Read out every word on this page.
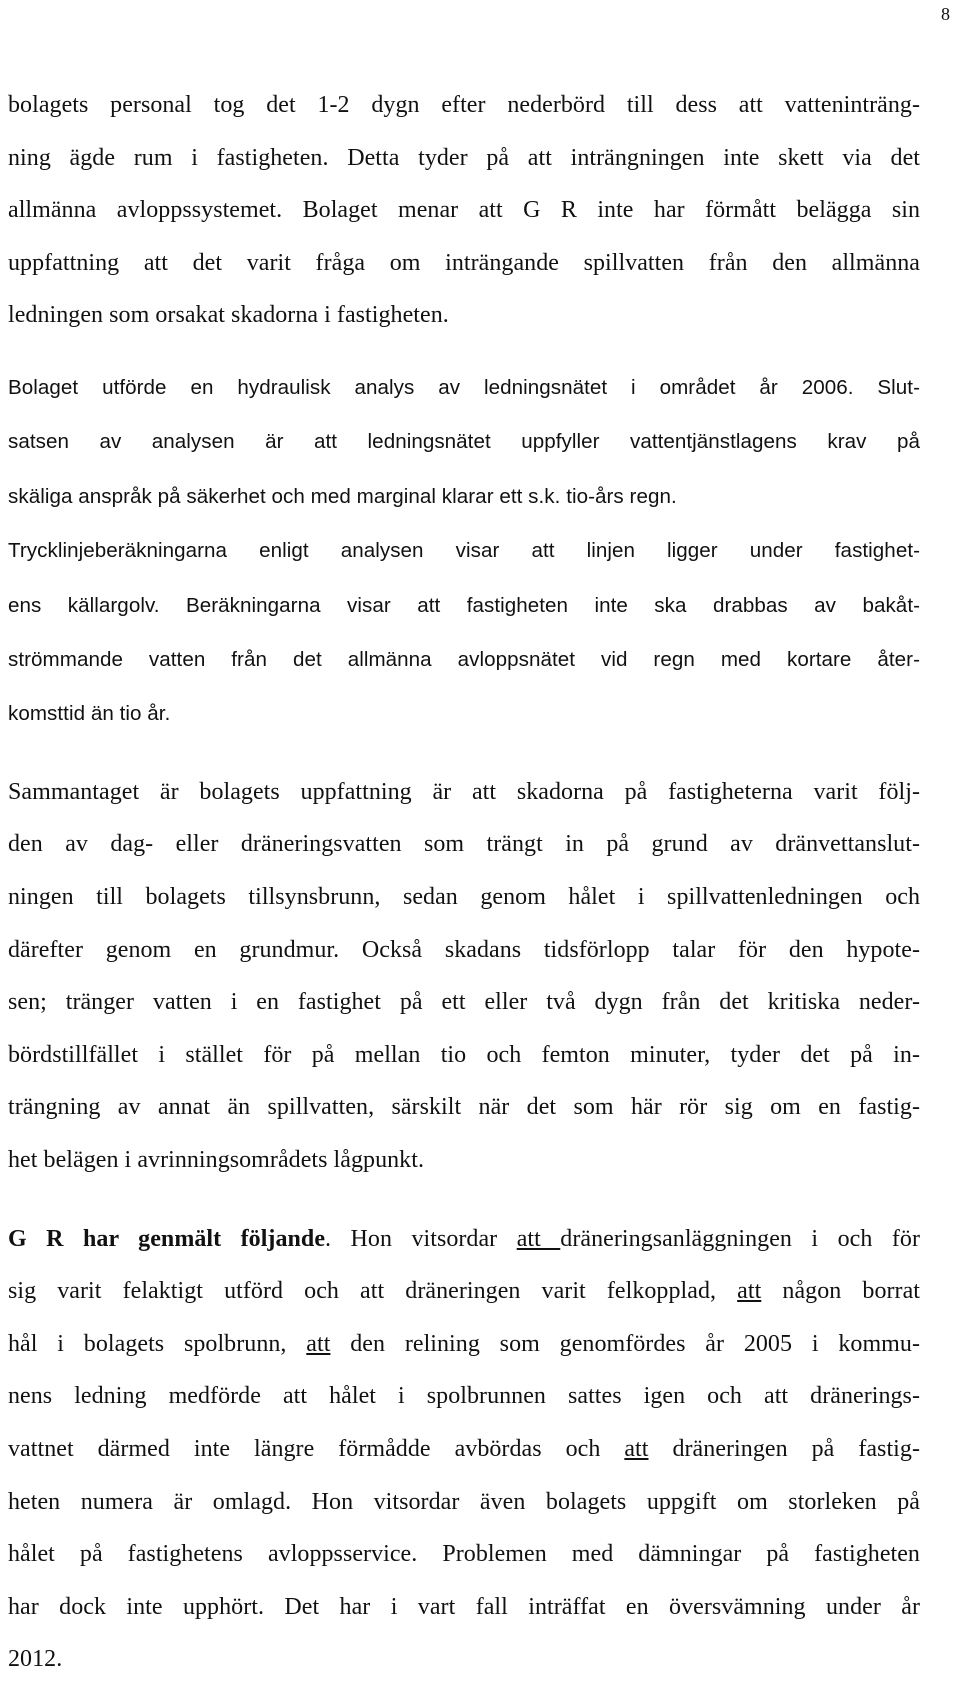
8

bolagets personal tog det 1-2 dygn efter nederbörd till dess att vatteninträng-
ning ägde rum i fastigheten. Detta tyder på att inträngningen inte skett via det
allmänna avloppssystemet. Bolaget menar att G R inte har förmått belägga sin
uppfattning att det varit fråga om inträngande spillvatten från den allmänna
ledningen som orsakat skadorna i fastigheten.

Bolaget utförde en hydraulisk analys av ledningsnätet i området år 2006. Slut-
satsen av analysen är att ledningsnätet uppfyller vattentjänstlagens krav på
skäliga anspråk på säkerhet och med marginal klarar ett s.k. tio-års regn.
Trycklinjeberäkningarna enligt analysen visar att linjen ligger under fastighet-
ens källargolv. Beräkningarna visar att fastigheten inte ska drabbas av bakåt-
strömmande vatten från det allmänna avloppsnätet vid regn med kortare åter-
komsttid än tio år.

Sammantaget är bolagets uppfattning är att skadorna på fastigheterna varit följ-
den av dag- eller dräneringsvatten som trängt in på grund av dränvettanslut-
ningen till bolagets tillsynsbrunn, sedan genom hålet i spillvattenledningen och
därefter genom en grundmur. Också skadans tidsförlopp talar för den hypote-
sen; tränger vatten i en fastighet på ett eller två dygn från det kritiska neder-
bördstillfället i stället för på mellan tio och femton minuter, tyder det på in-
trängning av annat än spillvatten, särskilt när det som här rör sig om en fastig-
het belägen i avrinningsområdets lågpunkt.

G R har genmält följande. Hon vitsordar att dräneringsanläggningen i och för
sig varit felaktigt utförd och att dräneringen varit felkopplad, att någon borrat
hål i bolagets spolbrunn, att den relining som genomfördes år 2005 i kommu-
nens ledning medförde att hålet i spolbrunnen sattes igen och att dränerings-
vattnet därmed inte längre förmådde avbördas och att dräneringen på fastig-
heten numera är omlagd. Hon vitsordar även bolagets uppgift om storleken på
hålet på fastighetens avloppsservice. Problemen med dämningar på fastigheten
har dock inte upphört. Det har i vart fall inträffat en översvämning under år
2012.
